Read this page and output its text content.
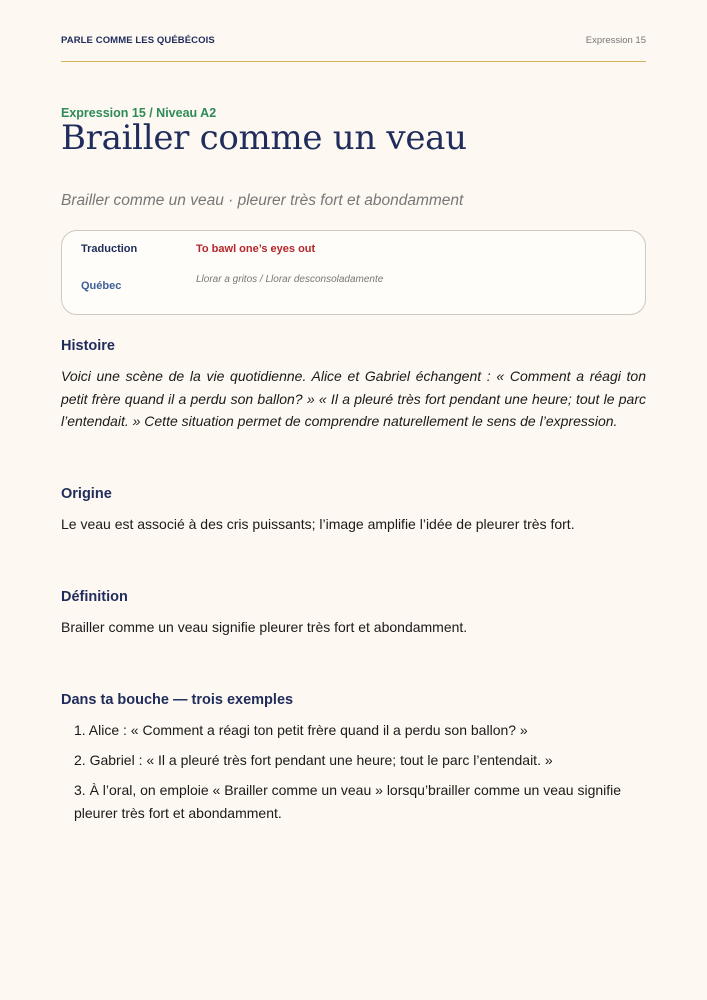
PARLE COMME LES QUÉBÉCOIS	Expression 15
Expression 15 / Niveau A2
Brailler comme un veau
Brailler comme un veau · pleurer très fort et abondamment
Traduction	To bawl one’s eyes out
Québec
Llorar a gritos / Llorar desconsoladamente
Histoire

Voici une scène de la vie quotidienne. Alice et Gabriel échangent : « Comment a réagi ton petit frère quand il a perdu son ballon? » « Il a pleuré très fort pendant une heure; tout le parc l’entendait. » Cette situation permet de comprendre naturellement le sens de l’expression.

Origine

Le veau est associé à des cris puissants; l’image amplifie l’idée de pleurer très fort.

Définition

Brailler comme un veau signifie pleurer très fort et abondamment.

Dans ta bouche — trois exemples
1. Alice : « Comment a réagi ton petit frère quand il a perdu son ballon? »
2. Gabriel : « Il a pleuré très fort pendant une heure; tout le parc l’entendait. »
3. À l’oral, on emploie « Brailler comme un veau » lorsqu’brailler comme un veau signifie pleurer très fort et abondamment.
